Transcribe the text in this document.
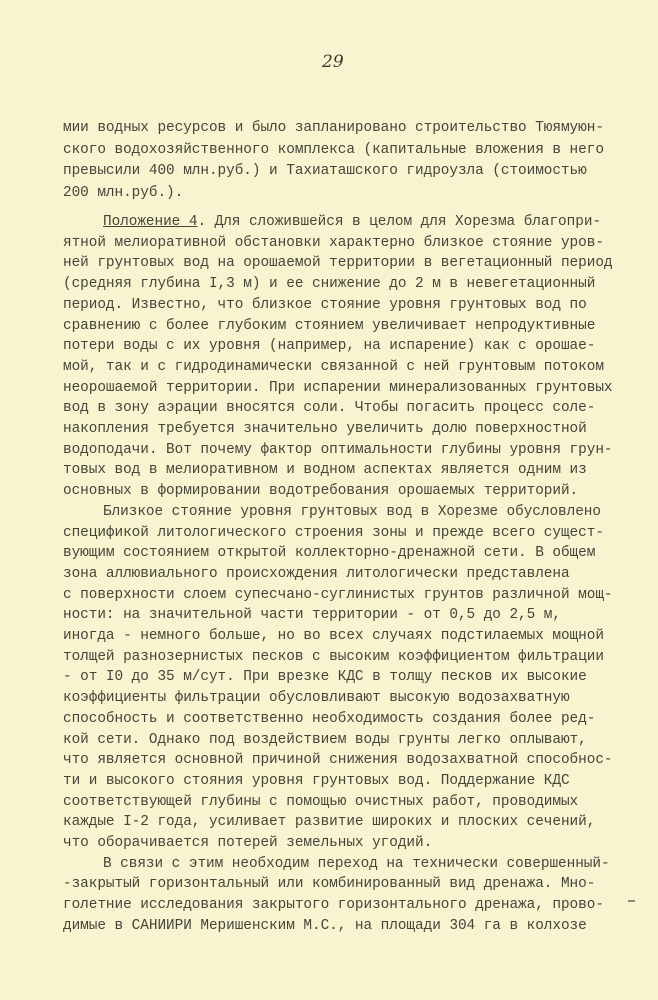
29
мии водных ресурсов и было запланировано строительство Тюямуюн-
ского водохозяйственного комплекса (капитальные вложения в него
превысили 400 млн.руб.) и Тахиаташского гидроузла (стоимостью
200 млн.руб.).
Положение 4. Для сложившейся в целом для Хорезма благопри-
ятной мелиоративной обстановки характерно близкое стояние уров-
ней грунтовых вод на орошаемой территории в вегетационный период
(средняя глубина I,3 м) и ее снижение до 2 м в невегетационный
период. Известно, что близкое стояние уровня грунтовых вод по
сравнению с более глубоким стоянием увеличивает непродуктивные
потери воды с их уровня (например, на испарение) как с орошае-
мой, так и с гидродинамически связанной с ней грунтовым потоком
неорошаемой территории. При испарении минерализованных грунтовых
вод в зону аэрации вносятся соли. Чтобы погасить процесс соле-
накопления требуется значительно увеличить долю поверхностной
водоподачи. Вот почему фактор оптимальности глубины уровня грун-
товых вод в мелиоративном и водном аспектах является одним из
основных в формировании водотребования орошаемых территорий.
Близкое стояние уровня грунтовых вод в Хорезме обусловлено
спецификой литологического строения зоны и прежде всего сущест-
вующим состоянием открытой коллекторно-дренажной сети. В общем
зона аллювиального происхождения литологически представлена
с поверхности слоем супесчано-суглинистых грунтов различной мощ-
ности: на значительной части территории - от 0,5 до 2,5 м,
иногда - немного больше, но во всех случаях подстилаемых мощной
толщей разнозернистых песков с высоким коэффициентом фильтрации
- от I0 до 35 м/сут. При врезке КДС в толщу песков их высокие
коэффициенты фильтрации обусловливают высокую водозахватную
способность и соответственно необходимость создания более ред-
кой сети. Однако под воздействием воды грунты легко оплывают,
что является основной причиной снижения водозахватной способнос-
ти и высокого стояния уровня грунтовых вод. Поддержание КДС
соответствующей глубины с помощью очистных работ, проводимых
каждые I-2 года, усиливает развитие широких и плоских сечений,
что оборачивается потерей земельных угодий.
В связи с этим необходим переход на технически совершенный-
-закрытый горизонтальный или комбинированный вид дренажа. Мно-
голетние исследования закрытого горизонтального дренажа, прово-
димые в САНИИРИ Меришенским М.С., на площади 304 га в колхозе
